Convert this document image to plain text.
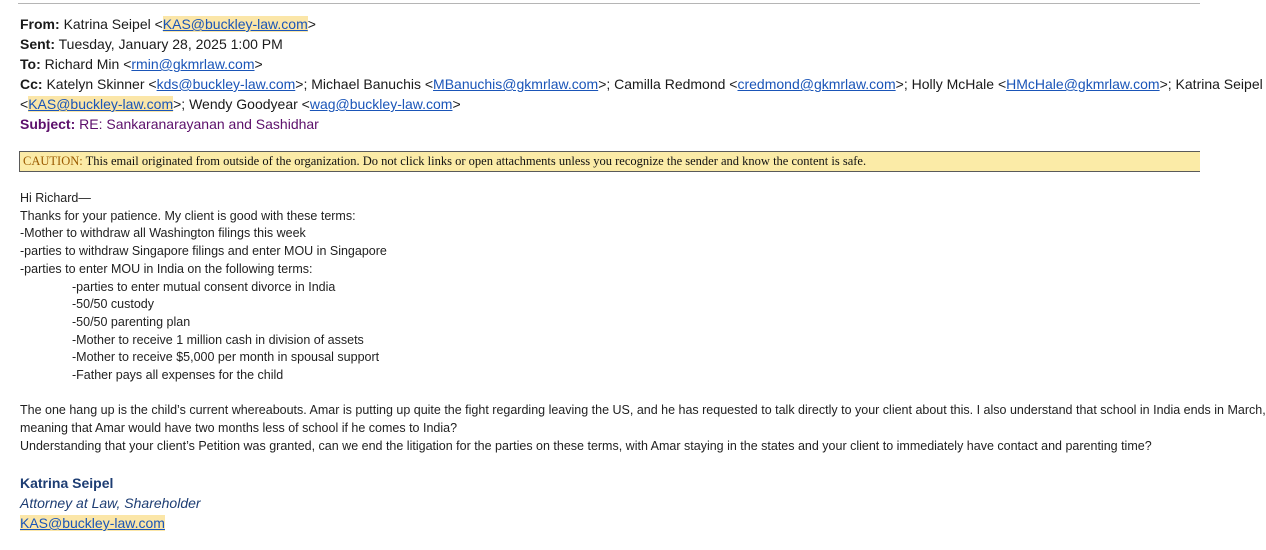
From: Katrina Seipel <KAS@buckley-law.com>

Sent: Tuesday, January 28, 2025 1:00 PM

To: Richard Min <rmin@gkmrlaw.com>

Cc: Katelyn Skinner <kds@buckley-law.com>; Michael Banuchis <MBanuchis@gkmrlaw.com>; Camilla Redmond <credmond@gkmrlaw.com>; Holly McHale <HMcHale@gkmrlaw.com>; Katrina Seipel

<KAS@buckley-law.com>; Wendy Goodyear <wag@buckley-law.com>

Subject: RE: Sankaranarayanan and Sashidhar

CAUTION: This email originated from outside of the organization. Do not click links or open attachments unless you recognize the sender and know the content is safe.

Hi Richard—

Thanks for your patience. My client is good with these terms:

-Mother to withdraw all Washington filings this week

-parties to withdraw Singapore filings and enter MOU in Singapore

-parties to enter MOU in India on the following terms:

-parties to enter mutual consent divorce in India

-50/50 custody

-50/50 parenting plan

-Mother to receive 1 million cash in division of assets

-Mother to receive $5,000 per month in spousal support

-Father pays all expenses for the child

The one hang up is the child’s current whereabouts. Amar is putting up quite the fight regarding leaving the US, and he has requested to talk directly to your client about this. I also understand that school in India ends in March,

meaning that Amar would have two months less of school if he comes to India?

Understanding that your client’s Petition was granted, can we end the litigation for the parties on these terms, with Amar staying in the states and your client to immediately have contact and parenting time?

Katrina Seipel
Attorney at Law, Shareholder
KAS@buckley-law.com
